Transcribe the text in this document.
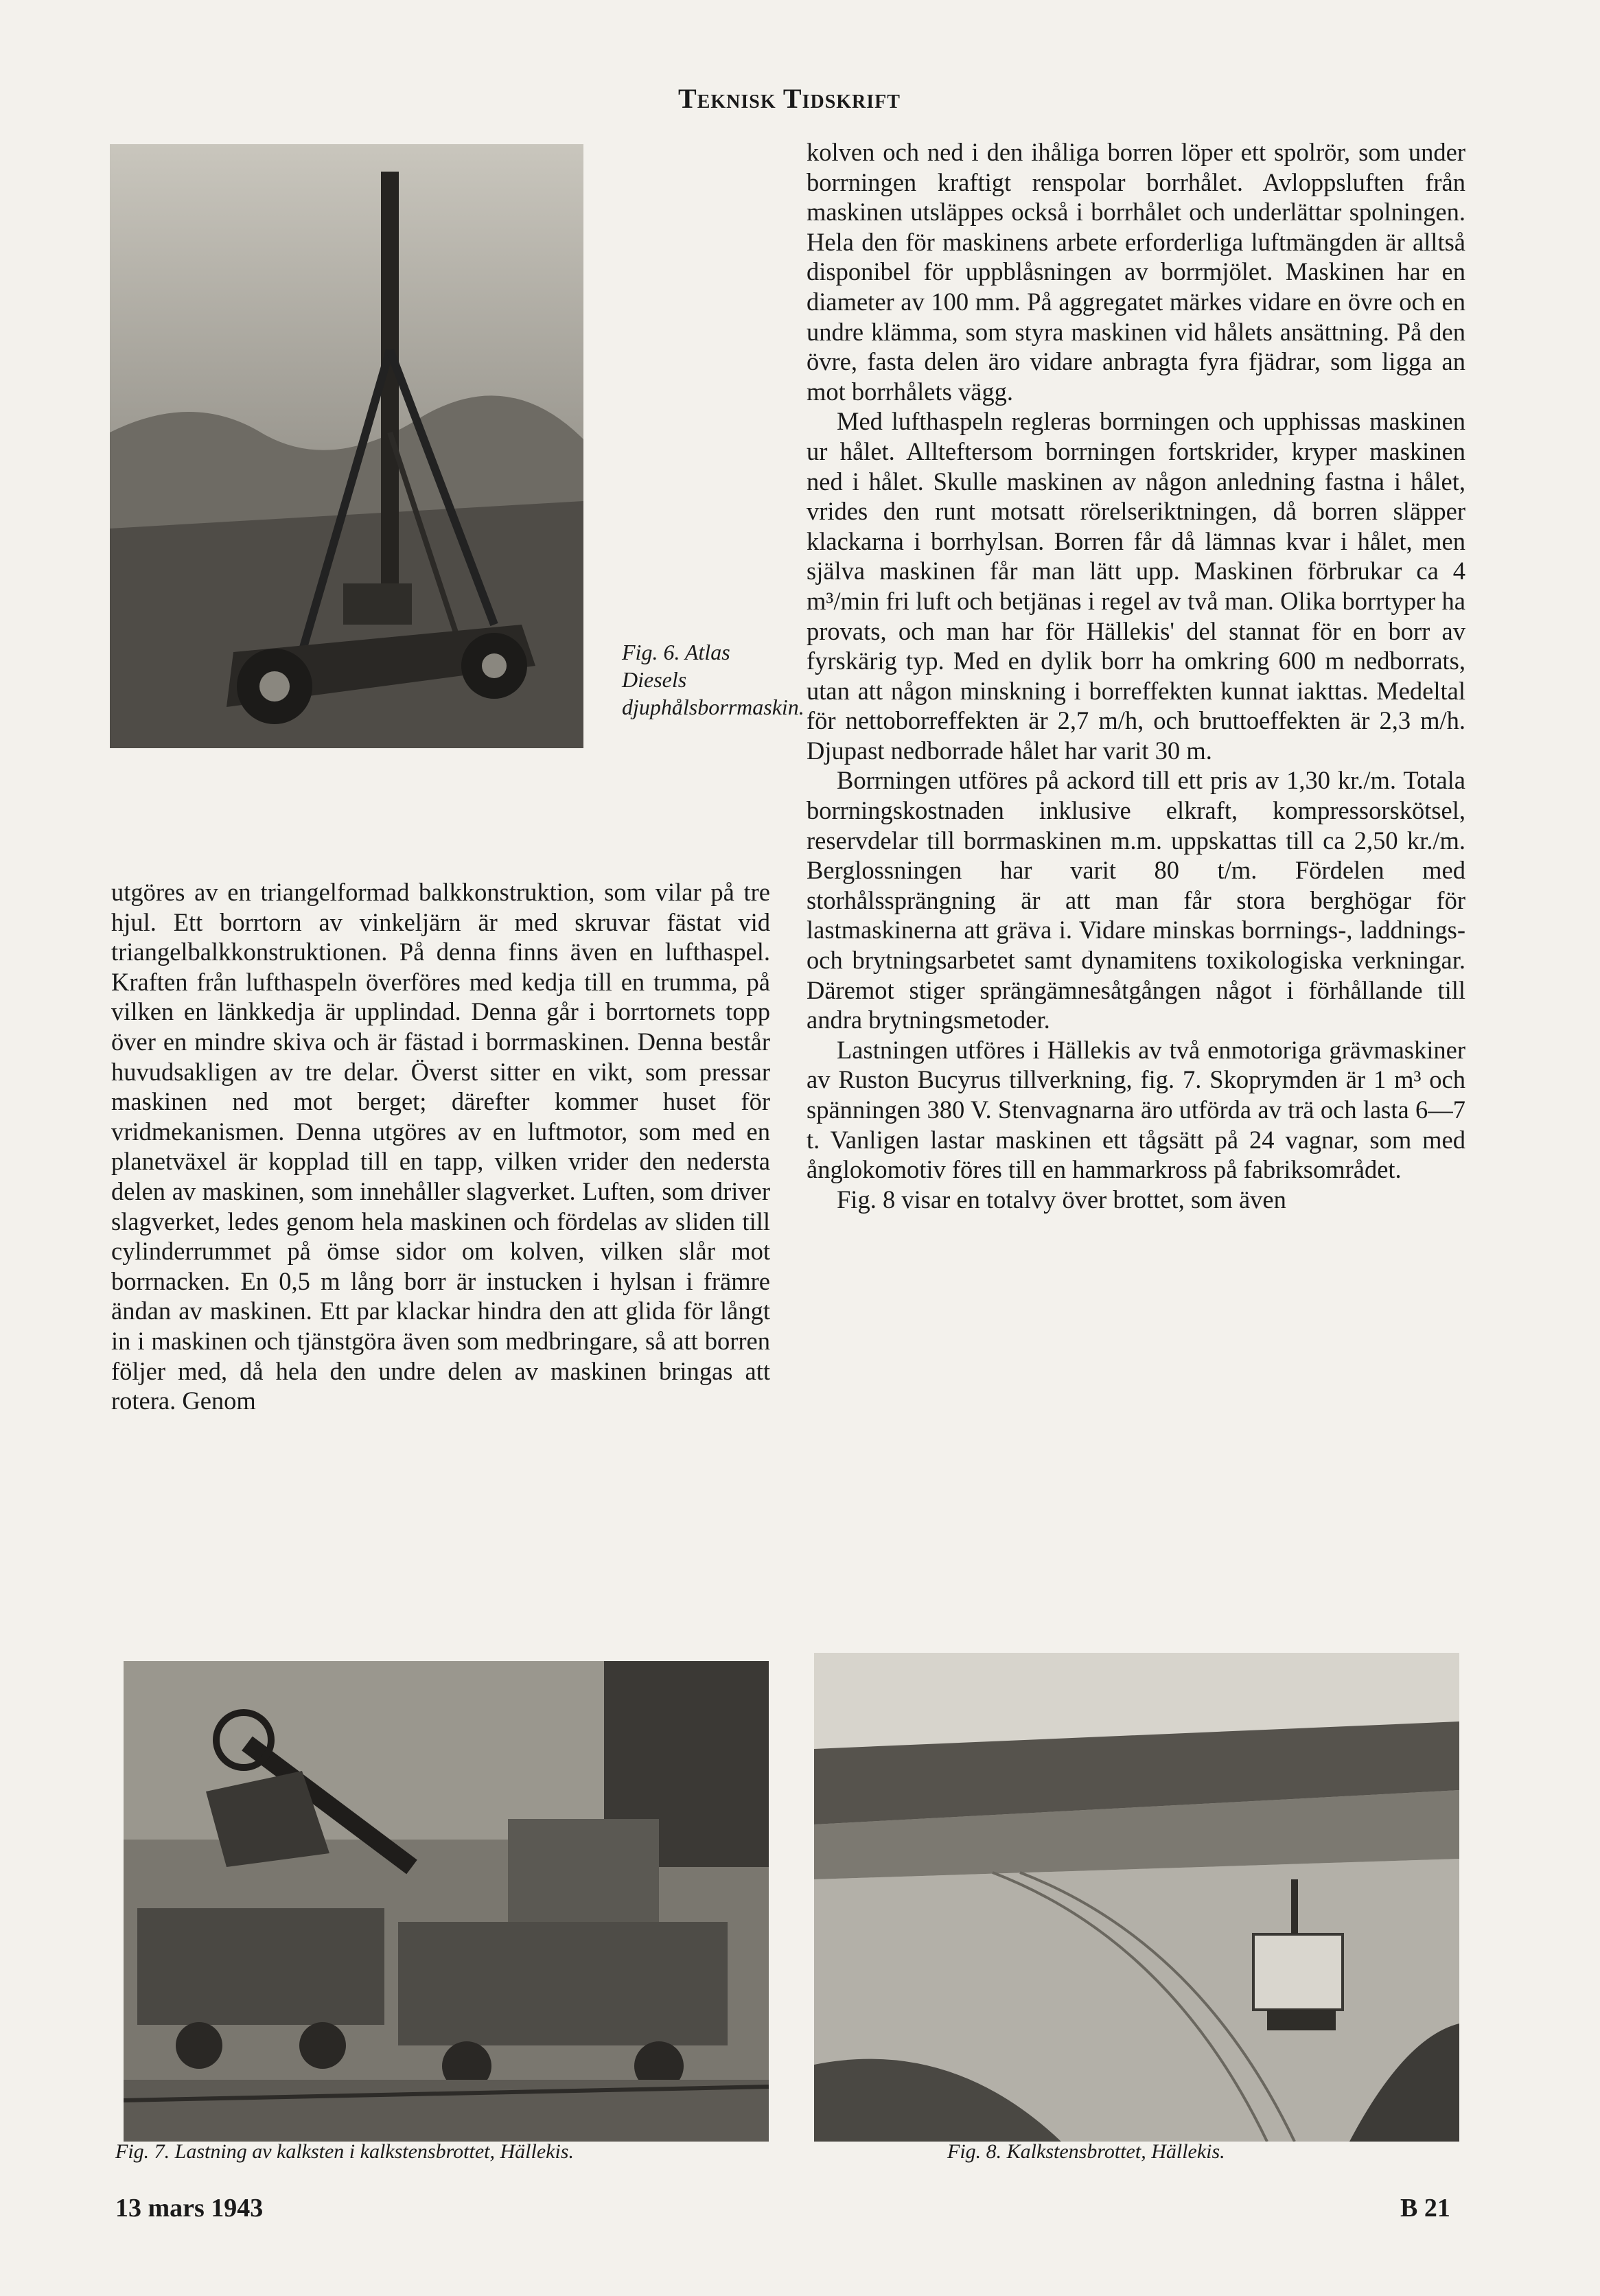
Teknisk Tidskrift
Fig. 6. Atlas Diesels djuphålsborrmaskin.

utgöres av en triangelformad balkkonstruktion, som vilar på tre hjul. Ett borrtorn av vinkeljärn är med skruvar fästat vid triangelbalkkonstruktionen. På denna finns även en lufthaspel. Kraften från lufthaspeln överföres med kedja till en trumma, på vilken en länkkedja är upplindad. Denna går i borrtornets topp över en mindre skiva och är fästad i borrmaskinen. Denna består huvudsakligen av tre delar. Överst sitter en vikt, som pressar maskinen ned mot berget; därefter kommer huset för vridmekanismen. Denna utgöres av en luftmotor, som med en planetväxel är kopplad till en tapp, vilken vrider den nedersta delen av maskinen, som innehåller slagverket. Luften, som driver slagverket, ledes genom hela maskinen och fördelas av sliden till cylinderrummet på ömse sidor om kolven, vilken slår mot borrnacken. En 0,5 m lång borr är instucken i hylsan i främre ändan av maskinen. Ett par klackar hindra den att glida för långt in i maskinen och tjänstgöra även som medbringare, så att borren följer med, då hela den undre delen av maskinen bringas att rotera. Genom

kolven och ned i den ihåliga borren löper ett spolrör, som under borrningen kraftigt renspolar borrhålet. Avloppsluften från maskinen utsläppes också i borrhålet och underlättar spolningen. Hela den för maskinens arbete erforderliga luftmängden är alltså disponibel för uppblåsningen av borrmjölet. Maskinen har en diameter av 100 mm. På aggregatet märkes vidare en övre och en undre klämma, som styra maskinen vid hålets ansättning. På den övre, fasta delen äro vidare anbragta fyra fjädrar, som ligga an mot borrhålets vägg.

Med lufthaspeln regleras borrningen och upphissas maskinen ur hålet. Allteftersom borrningen fortskrider, kryper maskinen ned i hålet. Skulle maskinen av någon anledning fastna i hålet, vrides den runt motsatt rörelseriktningen, då borren släpper klackarna i borrhylsan. Borren får då lämnas kvar i hålet, men själva maskinen får man lätt upp. Maskinen förbrukar ca 4 m³/min fri luft och betjänas i regel av två man. Olika borrtyper ha provats, och man har för Hällekis' del stannat för en borr av fyrskärig typ. Med en dylik borr ha omkring 600 m nedborrats, utan att någon minskning i borreffekten kunnat iakttas. Medeltal för nettoborreffekten är 2,7 m/h, och bruttoeffekten är 2,3 m/h. Djupast nedborrade hålet har varit 30 m.

Borrningen utföres på ackord till ett pris av 1,30 kr./m. Totala borrningskostnaden inklusive elkraft, kompressorskötsel, reservdelar till borrmaskinen m.m. uppskattas till ca 2,50 kr./m. Berglossningen har varit 80 t/m. Fördelen med storhålssprängning är att man får stora berghögar för lastmaskinerna att gräva i. Vidare minskas borrnings-, laddnings- och brytningsarbetet samt dynamitens toxikologiska verkningar. Däremot stiger sprängämnesåtgången något i förhållande till andra brytningsmetoder.

Lastningen utföres i Hällekis av två enmotoriga grävmaskiner av Ruston Bucyrus tillverkning, fig. 7. Skoprymden är 1 m³ och spänningen 380 V. Stenvagnarna äro utförda av trä och lasta 6—7 t. Vanligen lastar maskinen ett tågsätt på 24 vagnar, som med ånglokomotiv föres till en hammarkross på fabriksområdet.

Fig. 8 visar en totalvy över brottet, som även

Fig. 7. Lastning av kalksten i kalkstensbrottet, Hällekis.	Fig. 8. Kalkstensbrottet, Hällekis.
13 mars 1943	B 21
